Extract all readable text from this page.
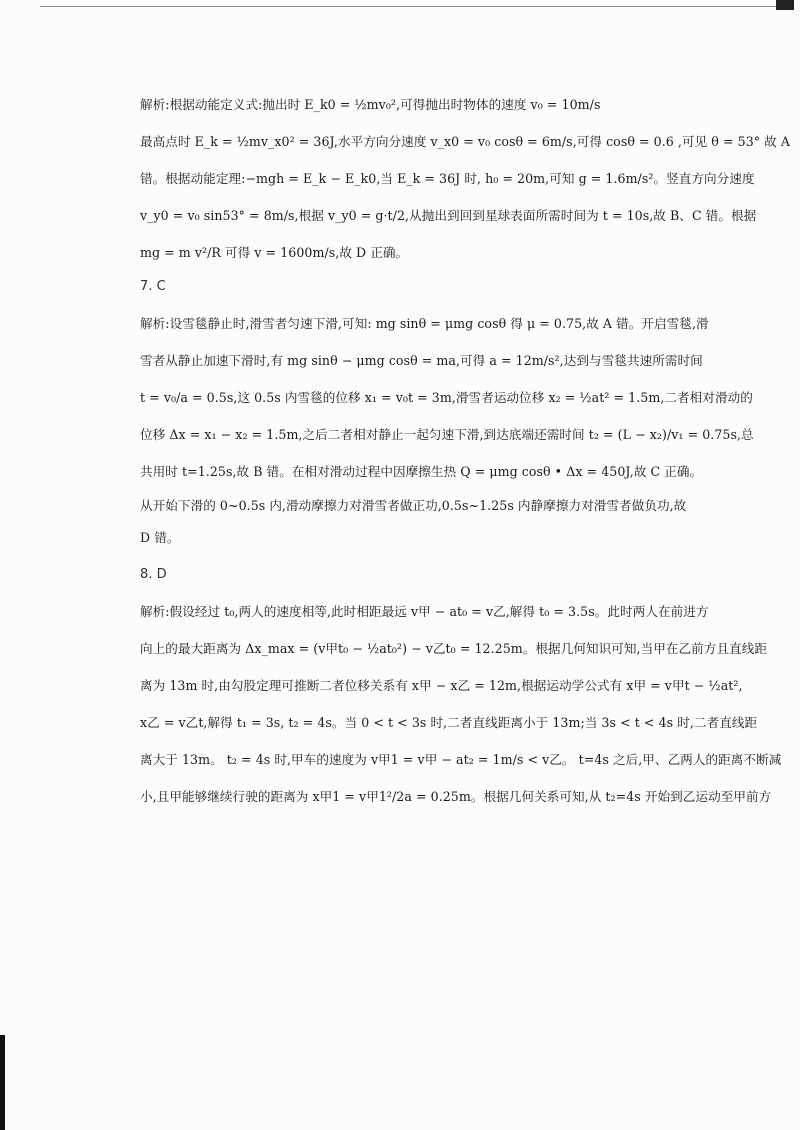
解析:根据动能定义式:抛出时 E_k0 = ½mv₀²,可得抛出时物体的速度 v₀ = 10m/s
最高点时 E_k = ½mv_x0² = 36J,水平方向分速度 v_x0 = v₀ cosθ = 6m/s,可得 cosθ = 0.6 ,可见 θ = 53° 故 A
错。根据动能定理:−mgh = E_k − E_k0,当 E_k = 36J 时, h₀ = 20m,可知 g = 1.6m/s²。竖直方向分速度
v_y0 = v₀ sin53° = 8m/s,根据 v_y0 = g·t/2,从抛出到回到星球表面所需时间为 t = 10s,故 B、C 错。根据
mg = m v²/R 可得 v = 1600m/s,故 D 正确。
7. C
解析:设雪毯静止时,滑雪者匀速下滑,可知: mg sinθ = μmg cosθ 得 μ = 0.75,故 A 错。开启雪毯,滑
雪者从静止加速下滑时,有 mg sinθ − μmg cosθ = ma,可得 a = 12m/s²,达到与雪毯共速所需时间
t = v₀/a = 0.5s,这 0.5s 内雪毯的位移 x₁ = v₀t = 3m,滑雪者运动位移 x₂ = ½at² = 1.5m,二者相对滑动的
位移 Δx = x₁ − x₂ = 1.5m,之后二者相对静止一起匀速下滑,到达底端还需时间 t₂ = (L − x₂)/v₁ = 0.75s,总
共用时 t=1.25s,故 B 错。在相对滑动过程中因摩擦生热 Q = μmg cosθ • Δx = 450J,故 C 正确。
从开始下滑的 0~0.5s 内,滑动摩擦力对滑雪者做正功,0.5s~1.25s 内静摩擦力对滑雪者做负功,故
D 错。
8. D
解析:假设经过 t₀,两人的速度相等,此时相距最远 v甲 − at₀ = v乙,解得 t₀ = 3.5s。此时两人在前进方
向上的最大距离为 Δx_max = (v甲t₀ − ½at₀²) − v乙t₀ = 12.25m。根据几何知识可知,当甲在乙前方且直线距
离为 13m 时,由勾股定理可推断二者位移关系有 x甲 − x乙 = 12m,根据运动学公式有 x甲 = v甲t − ½at²,
x乙 = v乙t,解得 t₁ = 3s, t₂ = 4s。当 0 < t < 3s 时,二者直线距离小于 13m;当 3s < t < 4s 时,二者直线距
离大于 13m。 t₂ = 4s 时,甲车的速度为 v甲1 = v甲 − at₂ = 1m/s < v乙。 t=4s 之后,甲、乙两人的距离不断减
小,且甲能够继续行驶的距离为 x甲1 = v甲1²/2a = 0.25m。根据几何关系可知,从 t₂=4s 开始到乙运动至甲前方
